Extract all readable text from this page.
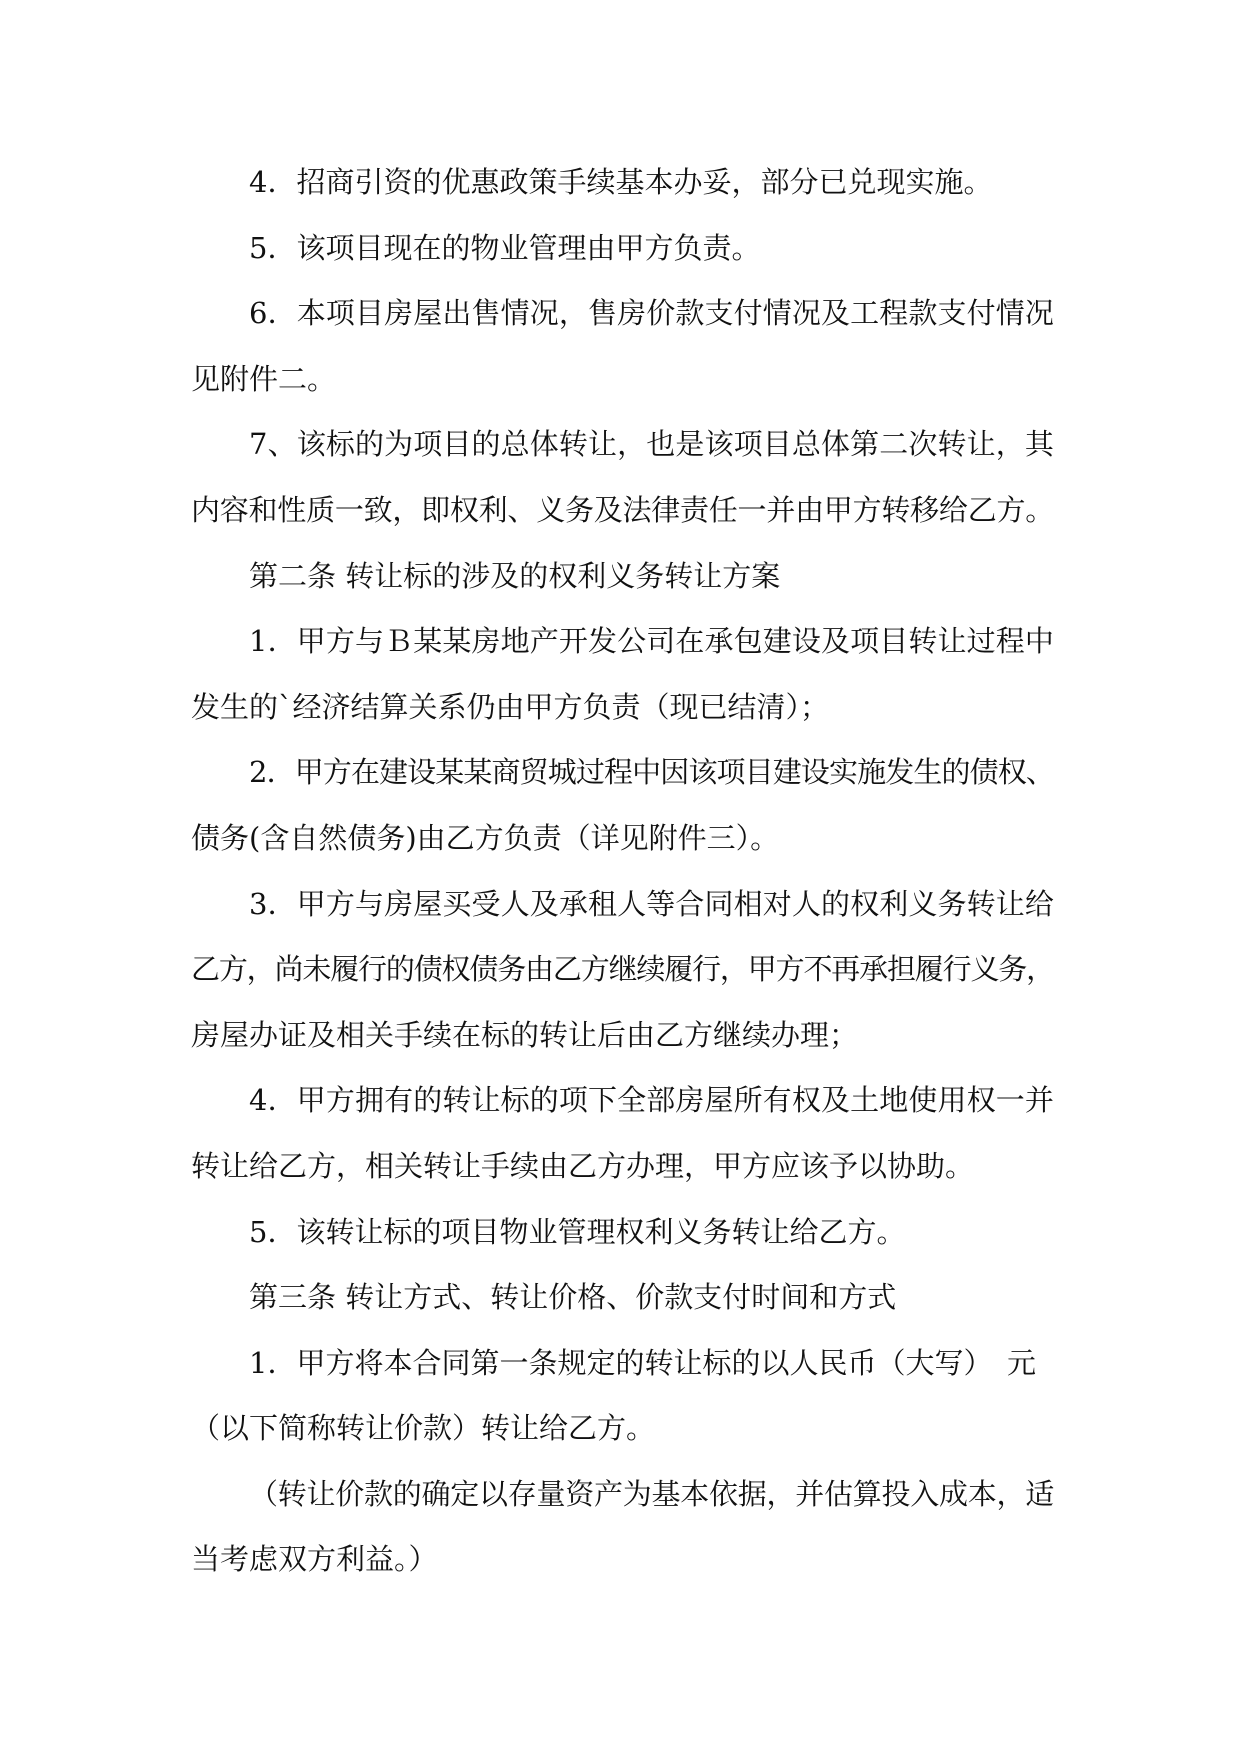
4．招商引资的优惠政策手续基本办妥，部分已兑现实施。
5．该项目现在的物业管理由甲方负责。
6．本项目房屋出售情况，售房价款支付情况及工程款支付情况
见附件二。
7、该标的为项目的总体转让，也是该项目总体第二次转让，其
内容和性质一致，即权利、义务及法律责任一并由甲方转移给乙方。
第二条 转让标的涉及的权利义务转让方案
1．甲方与Ｂ某某房地产开发公司在承包建设及项目转让过程中
发生的`经济结算关系仍由甲方负责（现已结清）；
2．甲方在建设某某商贸城过程中因该项目建设实施发生的债权、
债务(含自然债务)由乙方负责（详见附件三）。
3．甲方与房屋买受人及承租人等合同相对人的权利义务转让给
乙方，尚未履行的债权债务由乙方继续履行，甲方不再承担履行义务，
房屋办证及相关手续在标的转让后由乙方继续办理；
4．甲方拥有的转让标的项下全部房屋所有权及土地使用权一并
转让给乙方，相关转让手续由乙方办理，甲方应该予以协助。
5．该转让标的项目物业管理权利义务转让给乙方。
第三条 转让方式、转让价格、价款支付时间和方式
1．甲方将本合同第一条规定的转让标的以人民币（大写）　元
（以下简称转让价款）转让给乙方。
（转让价款的确定以存量资产为基本依据，并估算投入成本，适
当考虑双方利益。）
